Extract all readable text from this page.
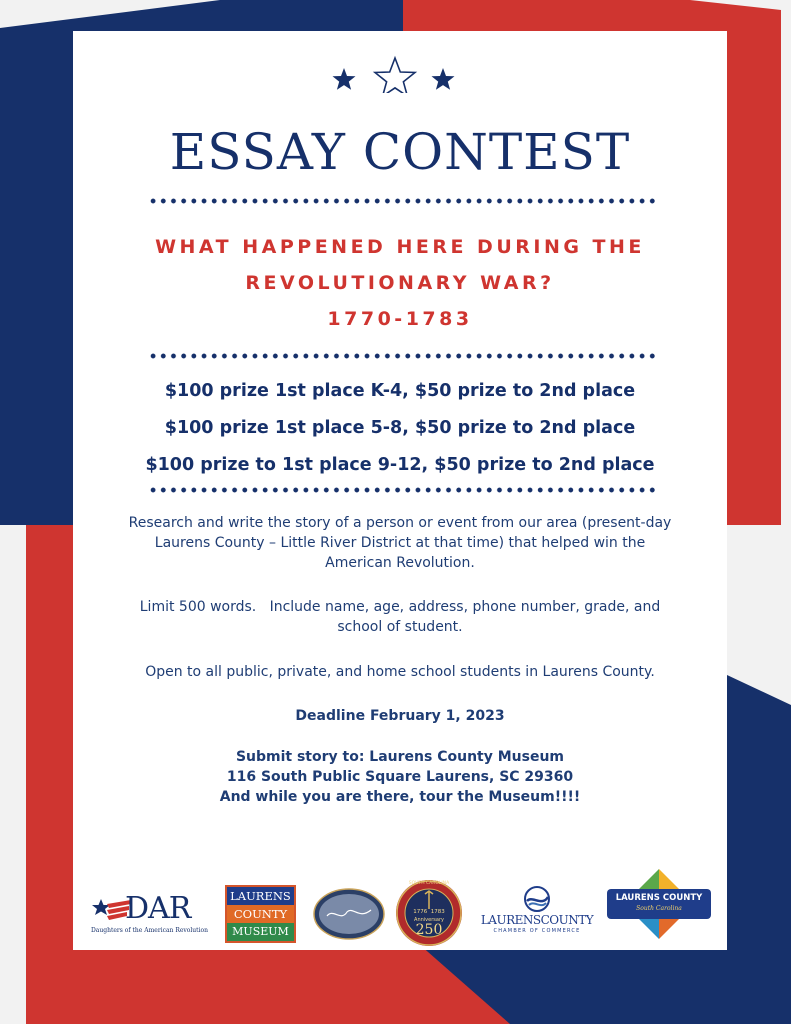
ESSAY CONTEST
WHAT HAPPENED HERE DURING THE
REVOLUTIONARY WAR?
1770-1783
$100 prize 1st place K-4, $50 prize to 2nd place
$100 prize 1st place 5-8, $50 prize to 2nd place
$100 prize to 1st place 9-12, $50 prize to 2nd place
Research and write the story of a person or event from our area (present-day
Laurens County – Little River District at that time) that helped win the
American Revolution.
Limit 500 words.   Include name, age, address, phone number, grade, and
school of student.
Open to all public, private, and home school students in Laurens County.
Deadline February 1, 2023
Submit story to: Laurens County Museum
116 South Public Square Laurens, SC 29360
And while you are there, tour the Museum!!!!
DAR
Daughters of the American Revolution
LAURENS
COUNTY
MUSEUM
SOUTH CAROLINA
1776  1783
Anniversary
250
LAURENSCOUNTY
CHAMBER OF COMMERCE
LAURENS COUNTY
South Carolina
